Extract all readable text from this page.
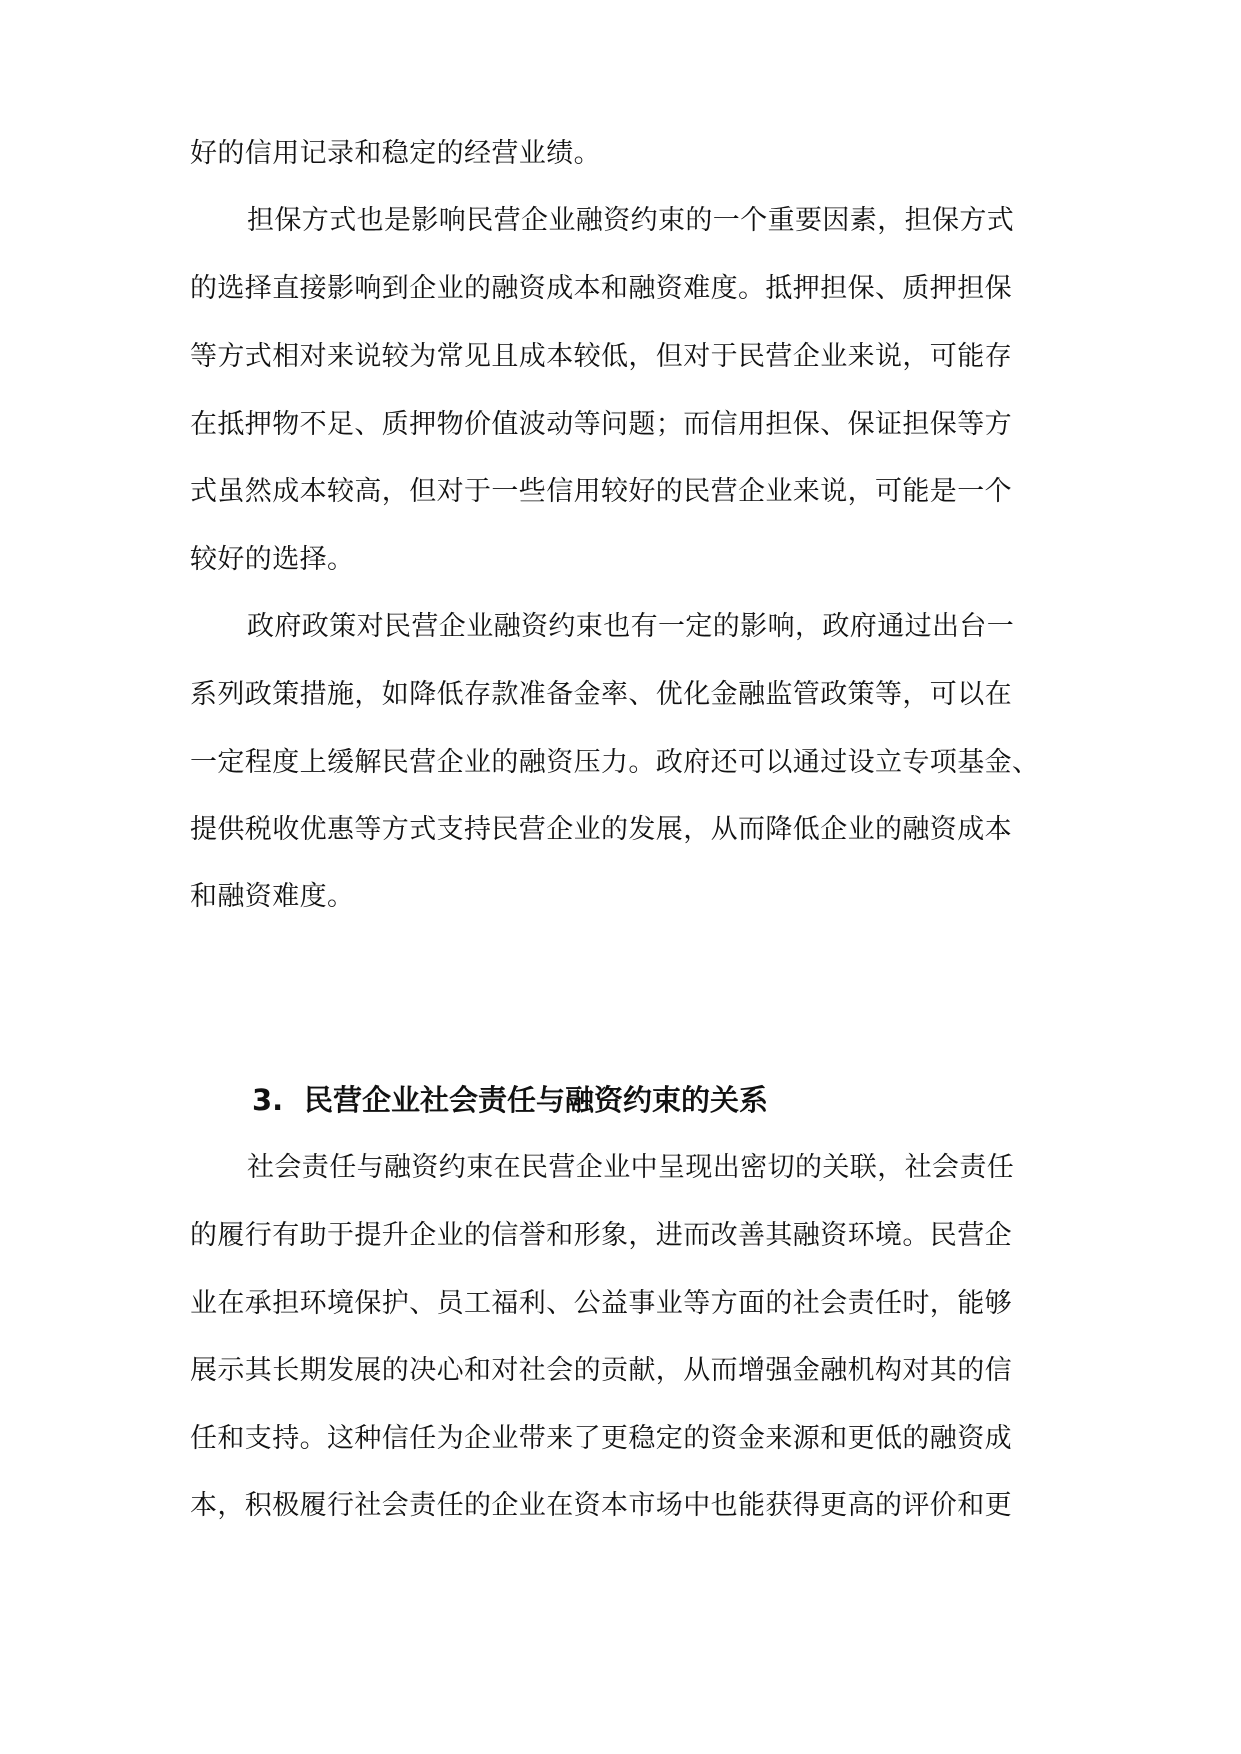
好的信用记录和稳定的经营业绩。
担保方式也是影响民营企业融资约束的一个重要因素，担保方式
的选择直接影响到企业的融资成本和融资难度。抵押担保、质押担保
等方式相对来说较为常见且成本较低，但对于民营企业来说，可能存
在抵押物不足、质押物价值波动等问题；而信用担保、保证担保等方
式虽然成本较高，但对于一些信用较好的民营企业来说，可能是一个
较好的选择。
政府政策对民营企业融资约束也有一定的影响，政府通过出台一
系列政策措施，如降低存款准备金率、优化金融监管政策等，可以在
一定程度上缓解民营企业的融资压力。政府还可以通过设立专项基金、
提供税收优惠等方式支持民营企业的发展，从而降低企业的融资成本
和融资难度。
3. 民营企业社会责任与融资约束的关系
社会责任与融资约束在民营企业中呈现出密切的关联，社会责任
的履行有助于提升企业的信誉和形象，进而改善其融资环境。民营企
业在承担环境保护、员工福利、公益事业等方面的社会责任时，能够
展示其长期发展的决心和对社会的贡献，从而增强金融机构对其的信
任和支持。这种信任为企业带来了更稳定的资金来源和更低的融资成
本，积极履行社会责任的企业在资本市场中也能获得更高的评价和更
